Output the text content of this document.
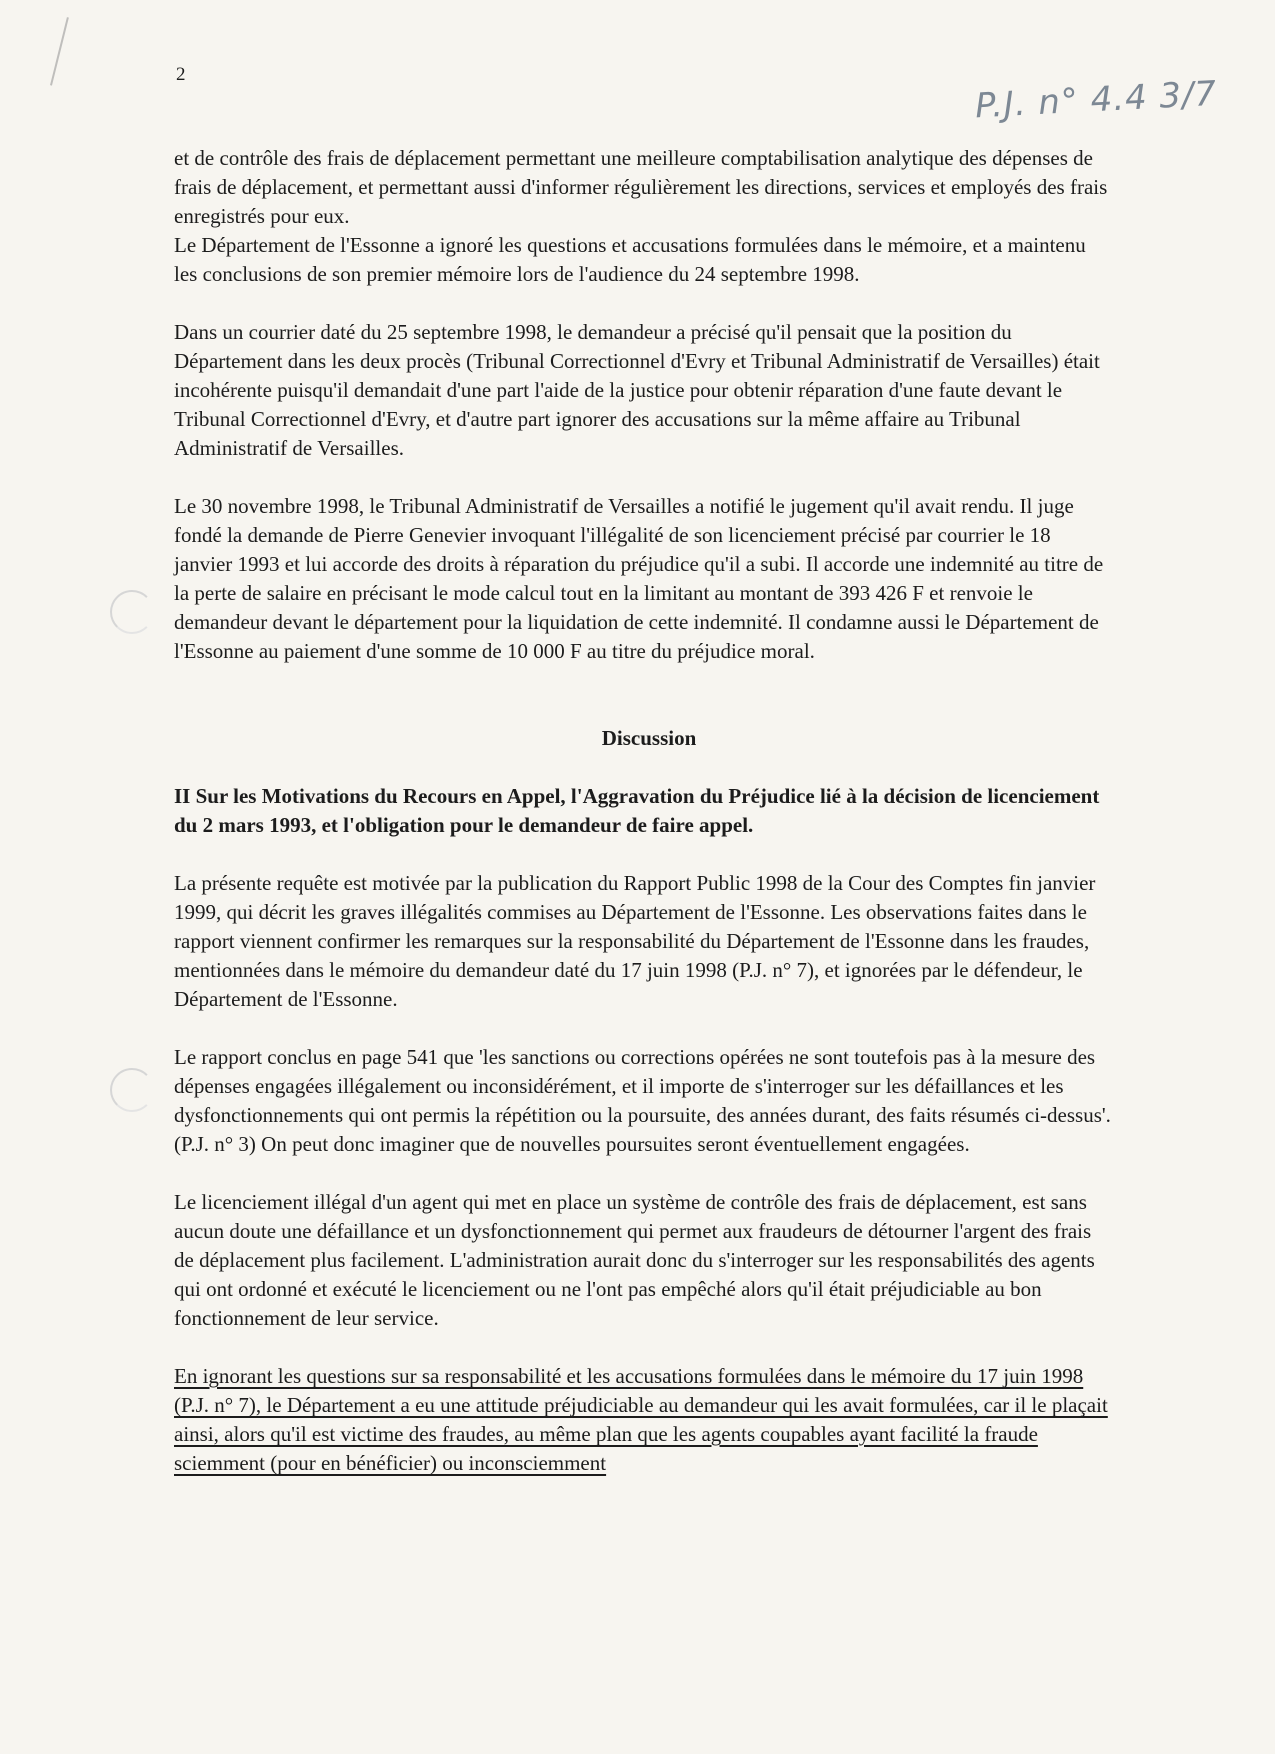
2	P.J. n° 4.4 3/7

et de contrôle des frais de déplacement permettant une meilleure comptabilisation analytique des dépenses de frais de déplacement, et permettant aussi d'informer régulièrement les directions, services et employés des frais enregistrés pour eux.

Le Département de l'Essonne a ignoré les questions et accusations formulées dans le mémoire, et a maintenu les conclusions de son premier mémoire lors de l'audience du 24 septembre 1998.

Dans un courrier daté du 25 septembre 1998, le demandeur a précisé qu'il pensait que la position du Département dans les deux procès (Tribunal Correctionnel d'Evry et Tribunal Administratif de Versailles) était incohérente puisqu'il demandait d'une part l'aide de la justice pour obtenir réparation d'une faute devant le Tribunal Correctionnel d'Evry, et d'autre part ignorer des accusations sur la même affaire au Tribunal Administratif de Versailles.

Le 30 novembre 1998, le Tribunal Administratif de Versailles a notifié le jugement qu'il avait rendu. Il juge fondé la demande de Pierre Genevier invoquant l'illégalité de son licenciement précisé par courrier le 18 janvier 1993 et lui accorde des droits à réparation du préjudice qu'il a subi. Il accorde une indemnité au titre de la perte de salaire en précisant le mode calcul tout en la limitant au montant de 393 426 F et renvoie le demandeur devant le département pour la liquidation de cette indemnité. Il condamne aussi le Département de l'Essonne au paiement d'une somme de 10 000 F au titre du préjudice moral.

Discussion

II Sur les Motivations du Recours en Appel, l'Aggravation du Préjudice lié à la décision de licenciement du 2 mars 1993, et l'obligation pour le demandeur de faire appel.

La présente requête est motivée par la publication du Rapport Public 1998 de la Cour des Comptes fin janvier 1999, qui décrit les graves illégalités commises au Département de l'Essonne. Les observations faites dans le rapport viennent confirmer les remarques sur la responsabilité du Département de l'Essonne dans les fraudes, mentionnées dans le mémoire du demandeur daté du 17 juin 1998 (P.J. n° 7), et ignorées par le défendeur, le Département de l'Essonne.

Le rapport conclus en page 541 que 'les sanctions ou corrections opérées ne sont toutefois pas à la mesure des dépenses engagées illégalement ou inconsidérément, et il importe de s'interroger sur les défaillances et les dysfonctionnements qui ont permis la répétition ou la poursuite, des années durant, des faits résumés ci-dessus'. (P.J. n° 3) On peut donc imaginer que de nouvelles poursuites seront éventuellement engagées.

Le licenciement illégal d'un agent qui met en place un système de contrôle des frais de déplacement, est sans aucun doute une défaillance et un dysfonctionnement qui permet aux fraudeurs de détourner l'argent des frais de déplacement plus facilement. L'administration aurait donc du s'interroger sur les responsabilités des agents qui ont ordonné et exécuté le licenciement ou ne l'ont pas empêché alors qu'il était préjudiciable au bon fonctionnement de leur service.

En ignorant les questions sur sa responsabilité et les accusations formulées dans le mémoire du 17 juin 1998 (P.J. n° 7), le Département a eu une attitude préjudiciable au demandeur qui les avait formulées, car il le plaçait ainsi, alors qu'il est victime des fraudes, au même plan que les agents coupables ayant facilité la fraude sciemment (pour en bénéficier) ou inconsciemment
